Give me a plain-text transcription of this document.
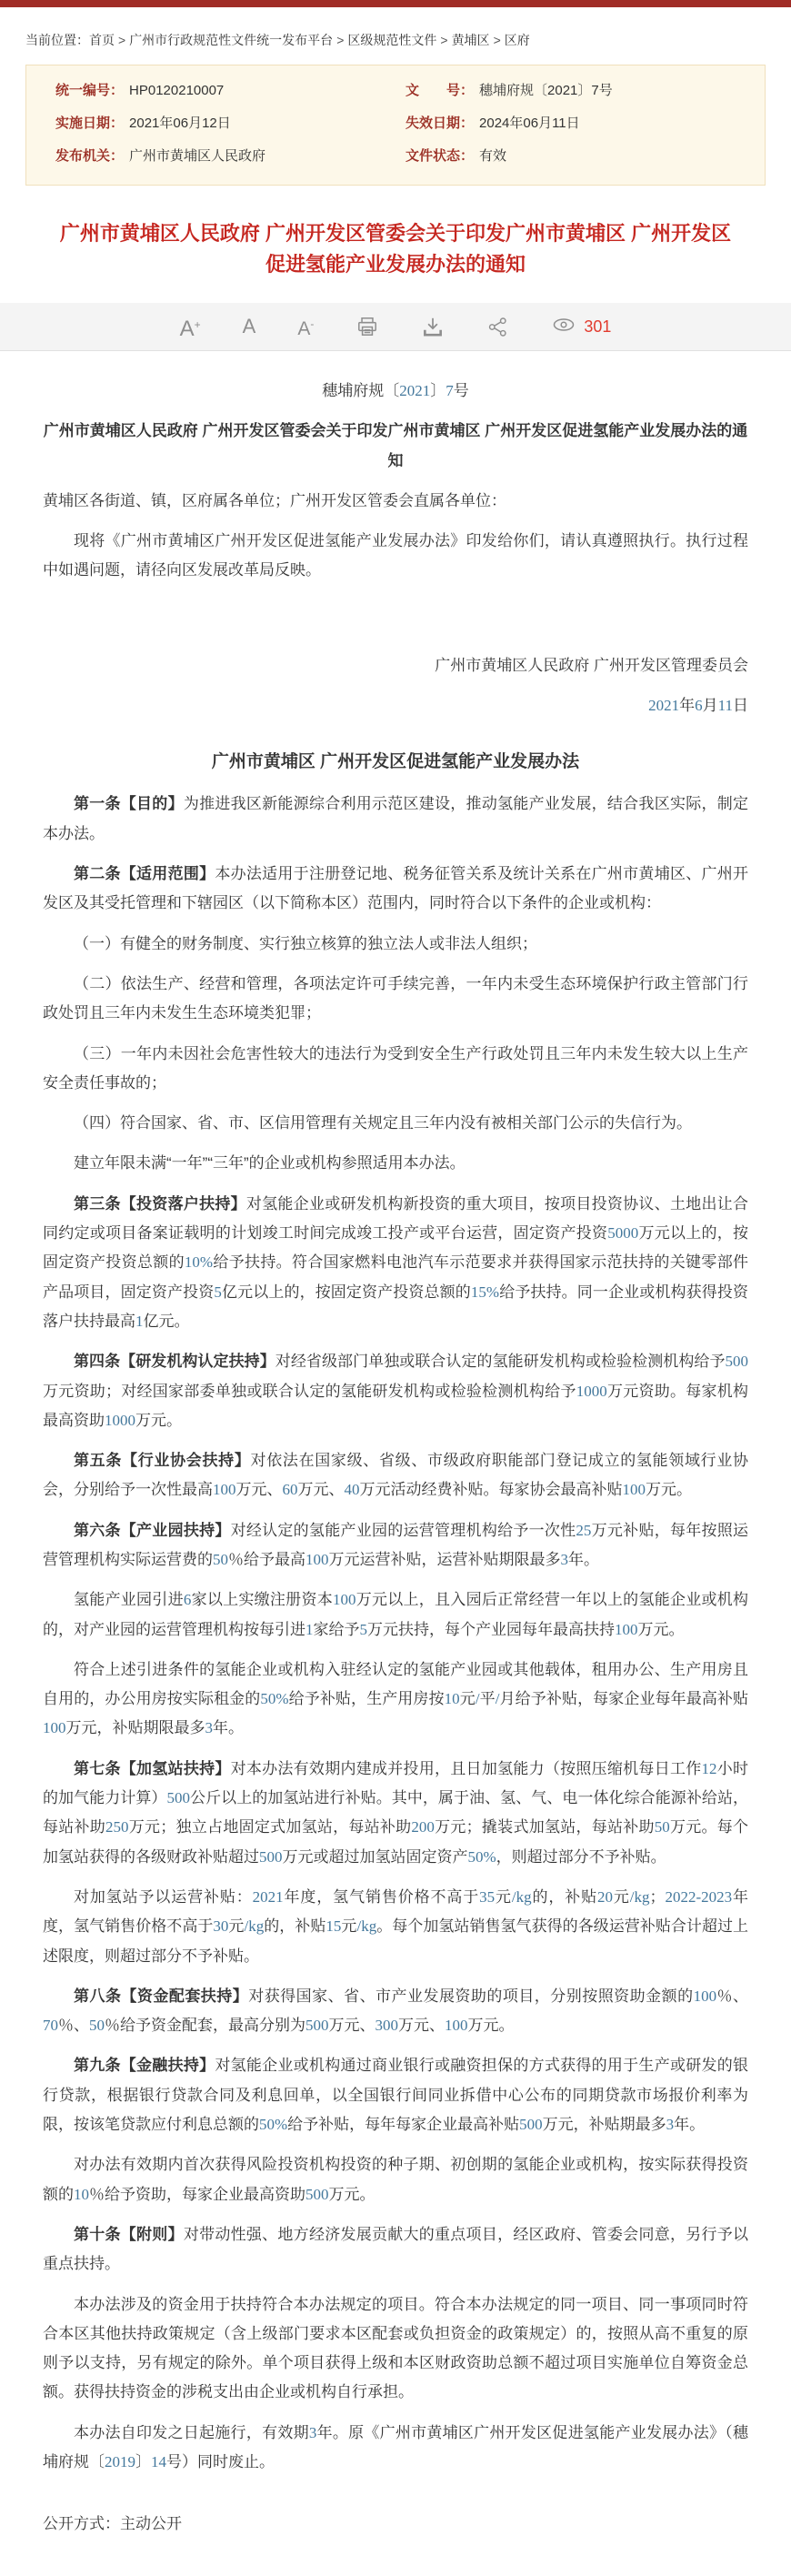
当前位置：首页 > 广州市行政规范性文件统一发布平台 > 区级规范性文件 > 黄埔区 > 区府
统一编号： HP0120210007	文号： 穗埔府规〔2021〕7号
实施日期： 2021年06月12日	失效日期： 2024年06月11日
发布机关： 广州市黄埔区人民政府	文件状态： 有效
广州市黄埔区人民政府 广州开发区管委会关于印发广州市黄埔区 广州开发区促进氢能产业发展办法的通知
A+ A A-	301

穗埔府规〔2021〕7号

广州市黄埔区人民政府 广州开发区管委会关于印发广州市黄埔区 广州开发区促进氢能产业发展办法的通知

黄埔区各街道、镇，区府属各单位；广州开发区管委会直属各单位：

现将《广州市黄埔区广州开发区促进氢能产业发展办法》印发给你们，请认真遵照执行。执行过程中如遇问题，请径向区发展改革局反映。

广州市黄埔区人民政府 广州开发区管理委员会

2021年6月11日

广州市黄埔区 广州开发区促进氢能产业发展办法

第一条【目的】为推进我区新能源综合利用示范区建设，推动氢能产业发展，结合我区实际，制定本办法。

第二条【适用范围】本办法适用于注册登记地、税务征管关系及统计关系在广州市黄埔区、广州开发区及其受托管理和下辖园区（以下简称本区）范围内，同时符合以下条件的企业或机构：

（一）有健全的财务制度、实行独立核算的独立法人或非法人组织；

（二）依法生产、经营和管理，各项法定许可手续完善，一年内未受生态环境保护行政主管部门行政处罚且三年内未发生生态环境类犯罪；

（三）一年内未因社会危害性较大的违法行为受到安全生产行政处罚且三年内未发生较大以上生产安全责任事故的；

（四）符合国家、省、市、区信用管理有关规定且三年内没有被相关部门公示的失信行为。

建立年限未满“一年”“三年”的企业或机构参照适用本办法。

第三条【投资落户扶持】对氢能企业或研发机构新投资的重大项目，按项目投资协议、土地出让合同约定或项目备案证载明的计划竣工时间完成竣工投产或平台运营，固定资产投资5000万元以上的，按固定资产投资总额的10%给予扶持。符合国家燃料电池汽车示范要求并获得国家示范扶持的关键零部件产品项目，固定资产投资5亿元以上的，按固定资产投资总额的15%给予扶持。同一企业或机构获得投资落户扶持最高1亿元。

第四条【研发机构认定扶持】对经省级部门单独或联合认定的氢能研发机构或检验检测机构给予500万元资助；对经国家部委单独或联合认定的氢能研发机构或检验检测机构给予1000万元资助。每家机构最高资助1000万元。

第五条【行业协会扶持】对依法在国家级、省级、市级政府职能部门登记成立的氢能领域行业协会，分别给予一次性最高100万元、60万元、40万元活动经费补贴。每家协会最高补贴100万元。

第六条【产业园扶持】对经认定的氢能产业园的运营管理机构给予一次性25万元补贴，每年按照运营管理机构实际运营费的50％给予最高100万元运营补贴，运营补贴期限最多3年。

氢能产业园引进6家以上实缴注册资本100万元以上，且入园后正常经营一年以上的氢能企业或机构的，对产业园的运营管理机构按每引进1家给予5万元扶持，每个产业园每年最高扶持100万元。

符合上述引进条件的氢能企业或机构入驻经认定的氢能产业园或其他载体，租用办公、生产用房且自用的，办公用房按实际租金的50%给予补贴，生产用房按10元/平/月给予补贴，每家企业每年最高补贴100万元，补贴期限最多3年。

第七条【加氢站扶持】对本办法有效期内建成并投用，且日加氢能力（按照压缩机每日工作12小时的加气能力计算）500公斤以上的加氢站进行补贴。其中，属于油、氢、气、电一体化综合能源补给站，每站补助250万元；独立占地固定式加氢站，每站补助200万元；撬装式加氢站，每站补助50万元。每个加氢站获得的各级财政补贴超过500万元或超过加氢站固定资产50%，则超过部分不予补贴。

对加氢站予以运营补贴：2021年度，氢气销售价格不高于35元/kg的，补贴20元/kg；2022-2023年度，氢气销售价格不高于30元/kg的，补贴15元/kg。每个加氢站销售氢气获得的各级运营补贴合计超过上述限度，则超过部分不予补贴。

第八条【资金配套扶持】对获得国家、省、市产业发展资助的项目，分别按照资助金额的100％、70％、50％给予资金配套，最高分别为500万元、300万元、100万元。

第九条【金融扶持】对氢能企业或机构通过商业银行或融资担保的方式获得的用于生产或研发的银行贷款，根据银行贷款合同及利息回单，以全国银行间同业拆借中心公布的同期贷款市场报价利率为限，按该笔贷款应付利息总额的50%给予补贴，每年每家企业最高补贴500万元，补贴期最多3年。

对办法有效期内首次获得风险投资机构投资的种子期、初创期的氢能企业或机构，按实际获得投资额的10％给予资助，每家企业最高资助500万元。

第十条【附则】对带动性强、地方经济发展贡献大的重点项目，经区政府、管委会同意，另行予以重点扶持。

本办法涉及的资金用于扶持符合本办法规定的项目。符合本办法规定的同一项目、同一事项同时符合本区其他扶持政策规定（含上级部门要求本区配套或负担资金的政策规定）的，按照从高不重复的原则予以支持，另有规定的除外。单个项目获得上级和本区财政资助总额不超过项目实施单位自筹资金总额。获得扶持资金的涉税支出由企业或机构自行承担。

本办法自印发之日起施行，有效期3年。原《广州市黄埔区广州开发区促进氢能产业发展办法》（穗埔府规〔2019〕14号）同时废止。

公开方式：主动公开
